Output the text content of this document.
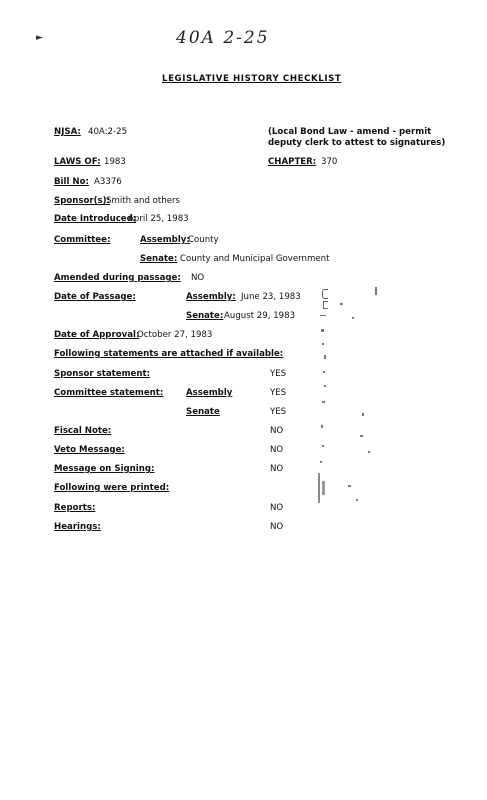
40A 2-25
►
LEGISLATIVE HISTORY CHECKLIST
NJSA: 40A:2-25	(Local Bond Law - amend - permit
deputy clerk to attest to signatures)
LAWS OF: 1983	CHAPTER: 370
Bill No: A3376
Sponsor(s):
Smith and others
Date Introduced:
April 25, 1983
Committee:	Assembly:
County
Senate: County and Municipal Government
Amended during passage: NO
Date of Passage:	Assembly: June 23, 1983
Senate: August 29, 1983
Date of Approval:
October 27, 1983
Following statements are attached if available:
Sponsor statement:	YES
Committee statement:	Assembly	YES
Senate	YES
Fiscal Note:	NO
Veto Message:	NO
Message on Signing:	NO
Following were printed:
Reports:	NO
Hearings:	NO
